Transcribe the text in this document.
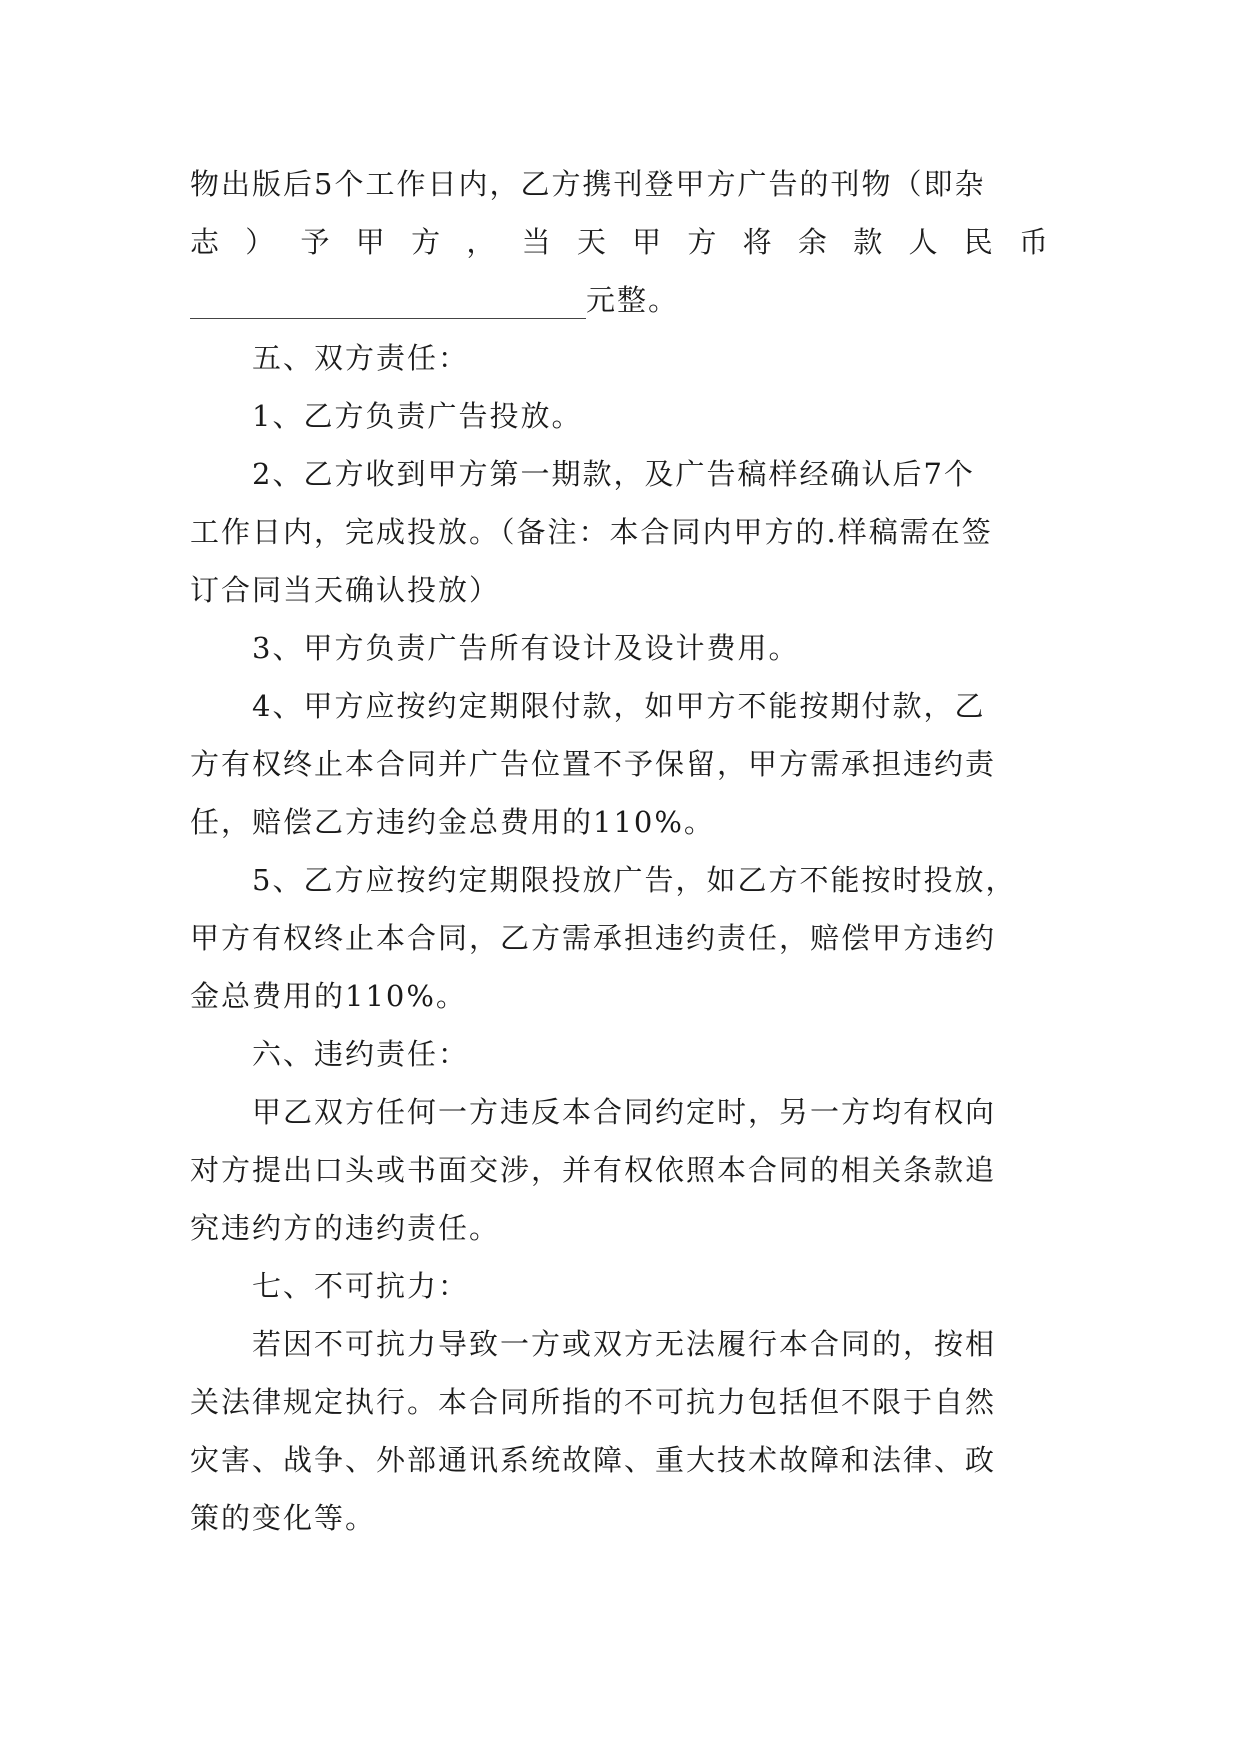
物出版后5个工作日内，乙方携刊登甲方广告的刊物（即杂
志 ） 予 甲 方 ， 当 天 甲 方 将 余 款 人 民 币
元整。
五、双方责任：
1、乙方负责广告投放。
2、乙方收到甲方第一期款，及广告稿样经确认后7个
工作日内，完成投放。（备注：本合同内甲方的.样稿需在签
订合同当天确认投放）
3、甲方负责广告所有设计及设计费用。
4、甲方应按约定期限付款，如甲方不能按期付款，乙
方有权终止本合同并广告位置不予保留，甲方需承担违约责
任，赔偿乙方违约金总费用的110%。
5、乙方应按约定期限投放广告，如乙方不能按时投放，
甲方有权终止本合同，乙方需承担违约责任，赔偿甲方违约
金总费用的110%。
六、违约责任：
甲乙双方任何一方违反本合同约定时，另一方均有权向
对方提出口头或书面交涉，并有权依照本合同的相关条款追
究违约方的违约责任。
七、不可抗力：
若因不可抗力导致一方或双方无法履行本合同的，按相
关法律规定执行。本合同所指的不可抗力包括但不限于自然
灾害、战争、外部通讯系统故障、重大技术故障和法律、政
策的变化等。
